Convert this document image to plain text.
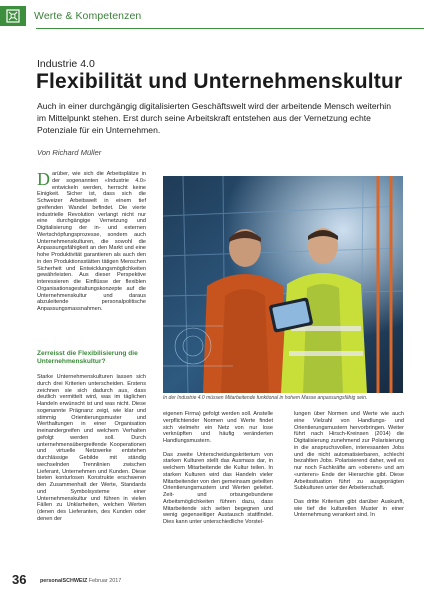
Werte & Kompetenzen
Industrie 4.0
Flexibilität und Unternehmenskultur
Auch in einer durchgängig digitalisierten Geschäftswelt wird der arbeitende Mensch weiterhin im Mittelpunkt stehen. Erst durch seine Arbeitskraft entstehen aus der Vernetzung echte Potenziale für ein Unternehmen.
Von Richard Müller
Darüber, wie sich die Arbeitsplätze in der sogenannten «Industrie 4.0» entwickeln werden, herrscht keine Einigkeit. Sicher ist, dass sich die Schweizer Arbeitswelt in einem tief greifenden Wandel befindet. Die vierte industrielle Revolution verlangt nicht nur eine durchgängige Vernetzung und Digitalisierung der in- und externen Wertschöpfungsprozesse, sondern auch Unternehmenskulturen, die sowohl die Anpassungsfähigkeit an den Markt und eine hohe Produktivität garantieren als auch den in den Produktionsstätten tätigen Menschen Sicherheit und Entwicklungsmöglichkeiten gewährleisten. Aus dieser Perspektive interessieren die Einflüsse der flexiblen Organisationsgestaltungskonzepte auf die Unternehmenskultur und daraus abzuleitende personalpolitische Anpassungsmassnahmen.
Zerreisst die Flexibilisierung die Unternehmenskultur?
Starke Unternehmenskulturen lassen sich durch drei Kriterien unterscheiden. Erstens zeichnen sie sich dadurch aus, dass deutlich vermittelt wird, was im täglichen Handeln erwünscht ist und was nicht. Diese sogenannte Prägnanz zeigt, wie klar und stimmig Orientierungsmuster und Werthaltungen in einer Organisation ineinandergreifen und welchem Verhalten gefolgt werden soll. Durch unternehmensübergreifende Kooperationen und virtuelle Netzwerke entstehen durchlässige Gebilde mit ständig wechselnden Trennlinien zwischen Lieferant, Unternehmen und Kunden. Diese bieten konturlosen Konstrukte erschweren den Zusammenhalt der Werte, Standards und Symbolsysteme einer Unternehmenskultur und führen in vielen Fällen zu Unklarheiten, welchen Werten (denen des Lieferanten, des Kunden oder denen der
In der Industrie 4.0 müssen Mitarbeitende funktional in hohem Masse anpassungsfähig sein.
eigenen Firma) gefolgt werden soll. Anstelle verpflichtender Normen und Werte findet sich vielmehr ein Netz von nur lose verknüpften und häufig veränderten Handlungsmustern.

Das zweite Unterscheidungskriterium von starken Kulturen stellt das Ausmass dar, in welchem Mitarbeitende die Kultur teilen. In starken Kulturen wird das Handeln vieler Mitarbeitender von den gemeinsam geteilten Orientierungsmustern und Werten geleitet. Zeit- und ortsungebundene Arbeitsmöglichkeiten führen dazu, dass Mitarbeitende sich selten begegnen und wenig gegenseitiger Austausch stattfindet. Dies kann unter unterschiedliche Vorstel-
lungen über Normen und Werte wie auch eine Vielzahl von Handlungs- und Orientierungsmustern hervorbringen. Weiter führt nach Hirsch-Kreinsen (2014) die Digitalisierung zunehmend zur Polarisierung in die anspruchsvollen, interessanten Jobs und die nicht automatisierbaren, schlecht bezahlten Jobs. Polarisierend daher, weil es nur noch Fachkräfte am «oberen» und am «unteren» Ende der Hierarchie gibt. Diese Arbeitssituation führt zu ausgeprägten Subkulturen unter der Arbeiterschaft.

Das dritte Kriterium gibt darüber Auskunft, wie tief die kulturellen Muster in einer Unternehmung verankert sind. In
36	personalSCHWEIZ Februar 2017
